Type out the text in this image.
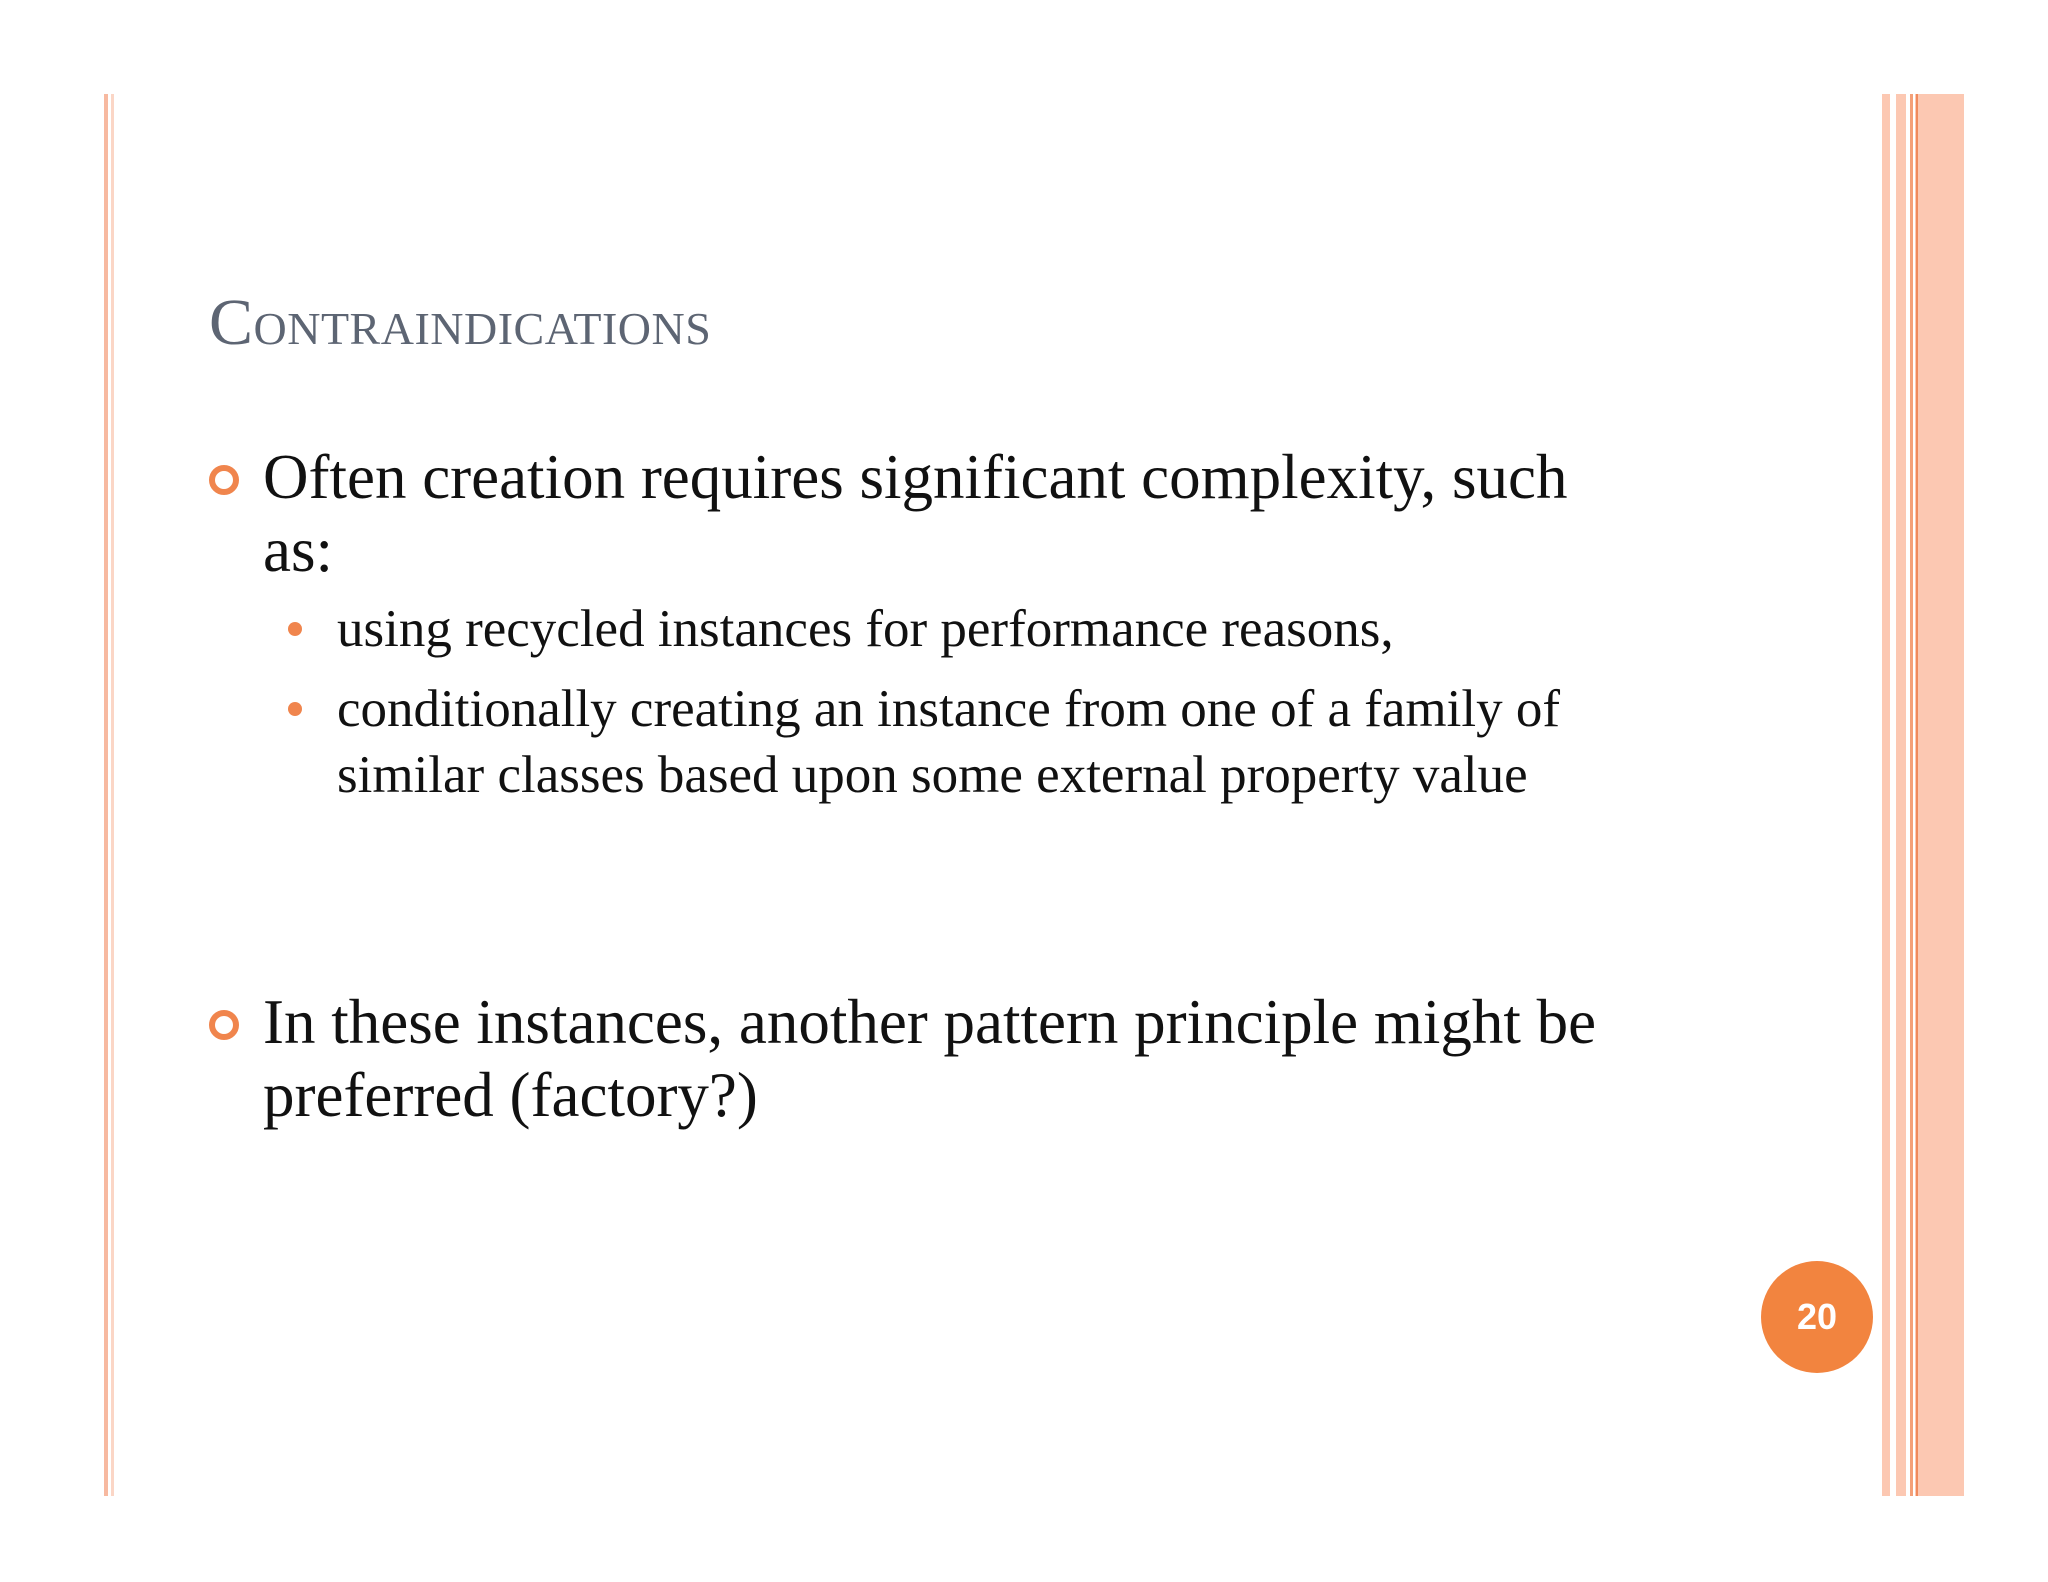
Contraindications
Often creation requires significant complexity, such as:
using recycled instances for performance reasons,
conditionally creating an instance from one of a family of similar classes based upon some external property value
In these instances, another pattern principle might be preferred (factory?)
20
